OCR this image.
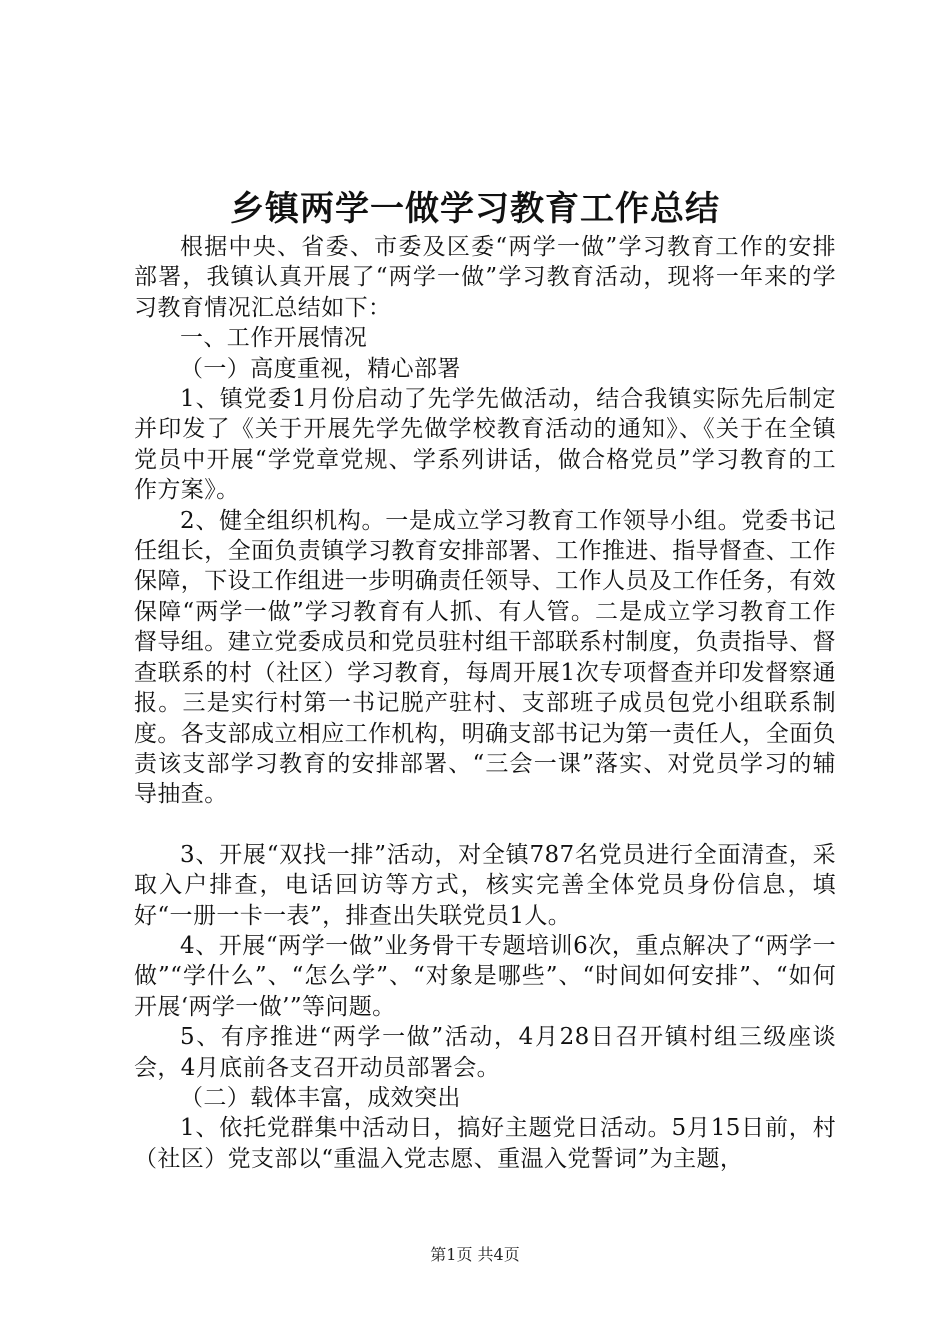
乡镇两学一做学习教育工作总结

根据中央、省委、市委及区委“两学一做”学习教育工作的安排部署，我镇认真开展了“两学一做”学习教育活动，现将一年来的学习教育情况汇总结如下：

一、工作开展情况

（一）高度重视，精心部署

1、镇党委1月份启动了先学先做活动，结合我镇实际先后制定并印发了《关于开展先学先做学校教育活动的通知》、《关于在全镇党员中开展“学党章党规、学系列讲话，做合格党员”学习教育的工作方案》。

2、健全组织机构。一是成立学习教育工作领导小组。党委书记任组长，全面负责镇学习教育安排部署、工作推进、指导督查、工作保障，下设工作组进一步明确责任领导、工作人员及工作任务，有效保障“两学一做”学习教育有人抓、有人管。二是成立学习教育工作督导组。建立党委成员和党员驻村组干部联系村制度，负责指导、督查联系的村（社区）学习教育，每周开展1次专项督查并印发督察通报。三是实行村第一书记脱产驻村、支部班子成员包党小组联系制度。各支部成立相应工作机构，明确支部书记为第一责任人，全面负责该支部学习教育的安排部署、“三会一课”落实、对党员学习的辅导抽查。

3、开展“双找一排”活动，对全镇787名党员进行全面清查，采取入户排查，电话回访等方式，核实完善全体党员身份信息，填好“一册一卡一表”，排查出失联党员1人。

4、开展“两学一做”业务骨干专题培训6次，重点解决了“两学一做”“学什么”、“怎么学”、“对象是哪些”、“时间如何安排”、“如何开展‘两学一做’”等问题。

5、有序推进“两学一做”活动，4月28日召开镇村组三级座谈会，4月底前各支召开动员部署会。

（二）载体丰富，成效突出

1、依托党群集中活动日，搞好主题党日活动。5月15日前，村（社区）党支部以“重温入党志愿、重温入党誓词”为主题，

第1页 共4页
